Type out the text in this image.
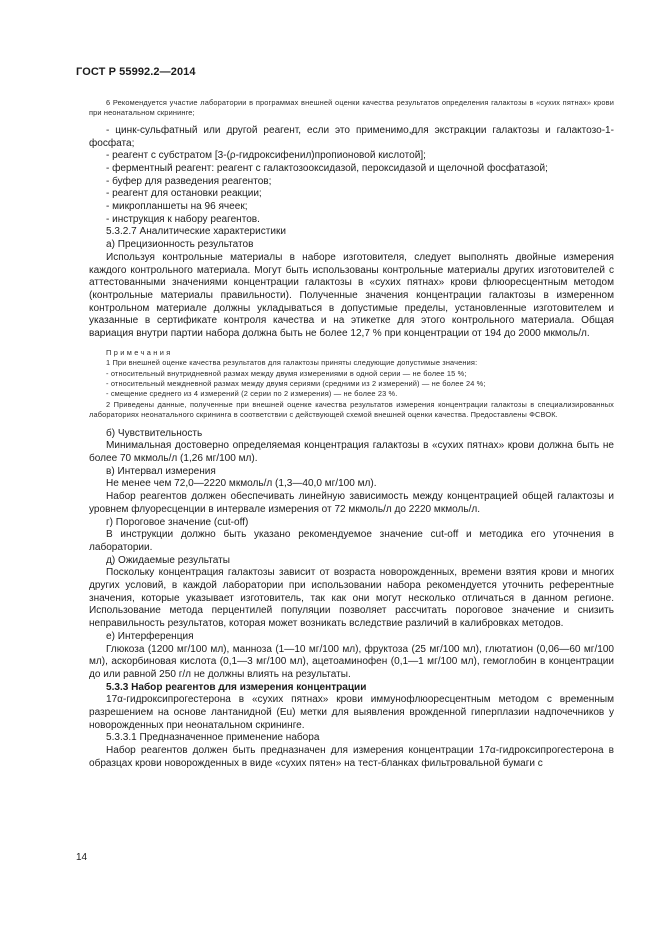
ГОСТ Р 55992.2—2014

6 Рекомендуется участие лаборатории в программах внешней оценки качества результатов определения галактозы в «сухих пятнах» крови при неонатальном скрининге;

- цинк-сульфатный или другой реагент, если это применимо,для экстракции галактозы и галактозо-1-фосфата;

- реагент с субстратом [3-(ρ-гидроксифенил)пропионовой кислотой];

- ферментный реагент: реагент с галактозооксидазой, пероксидазой и щелочной фосфатазой;

- буфер для разведения реагентов;

- реагент для остановки реакции;

- микропланшеты на 96 ячеек;

- инструкция к набору реагентов.

5.3.2.7 Аналитические характеристики

а) Прецизионность результатов

Используя контрольные материалы в наборе изготовителя, следует выполнять двойные измерения каждого контрольного материала. Могут быть использованы контрольные материалы других изготовителей с аттестованными значениями концентрации галактозы в «сухих пятнах» крови флюоресцентным методом (контрольные материалы правильности). Полученные значения концентрации галактозы в измеренном контрольном материале должны укладываться в допустимые пределы, установленные изготовителем и указанные в сертификате контроля качества и на этикетке для этого контрольного материала. Общая вариация внутри партии набора должна быть не более 12,7 % при концентрации от 194 до 2000 мкмоль/л.

Примечания

1 При внешней оценке качества результатов для галактозы приняты следующие допустимые значения:

- относительный внутридневной размах между двумя измерениями в одной серии — не более 15 %;

- относительный междневной размах между двумя сериями (средними из 2 измерений) — не более 24 %;

- смещение среднего из 4 измерений (2 серии по 2 измерения) — не более 23 %.

2 Приведены данные, полученные при внешней оценке качества результатов измерения концентрации галактозы в специализированных лабораториях неонатального скрининга в соответствии с действующей схемой внешней оценки качества. Предоставлены ФСВОК.

б) Чувствительность

Минимальная достоверно определяемая концентрация галактозы в «сухих пятнах» крови должна быть не более 70 мкмоль/л (1,26 мг/100 мл).

в) Интервал измерения

Не менее чем 72,0—2220 мкмоль/л (1,3—40,0 мг/100 мл).

Набор реагентов должен обеспечивать линейную зависимость между концентрацией общей галактозы и уровнем флуоресценции в интервале измерения от 72 мкмоль/л до 2220 мкмоль/л.

г) Пороговое значение (cut-off)

В инструкции должно быть указано рекомендуемое значение cut-off и методика его уточнения в лаборатории.

д) Ожидаемые результаты

Поскольку концентрация галактозы зависит от возраста новорожденных, времени взятия крови и многих других условий, в каждой лаборатории при использовании набора рекомендуется уточнить референтные значения, которые указывает изготовитель, так как они могут несколько отличаться в данном регионе. Использование метода перцентилей популяции позволяет рассчитать пороговое значение и снизить неправильность результатов, которая может возникать вследствие различий в калибровках методов.

е) Интерференция

Глюкоза (1200 мг/100 мл), манноза (1—10 мг/100 мл), фруктоза (25 мг/100 мл), глютатион (0,06—60 мг/100 мл), аскорбиновая кислота (0,1—3 мг/100 мл), ацетоаминофен (0,1—1 мг/100 мл), гемоглобин в концентрации до или равной 250 г/л не должны влиять на результаты.

5.3.3 Набор реагентов для измерения концентрации

17α-гидроксипрогестерона в «сухих пятнах» крови иммунофлюоресцентным методом с временным разрешением на основе лантанидной (Eu) метки для выявления врожденной гиперплазии надпочечников у новорожденных при неонатальном скрининге.

5.3.3.1 Предназначенное применение набора

Набор реагентов должен быть предназначен для измерения концентрации 17α-гидроксипрогестерона в образцах крови новорожденных в виде «сухих пятен» на тест-бланках фильтровальной бумаги с

14
